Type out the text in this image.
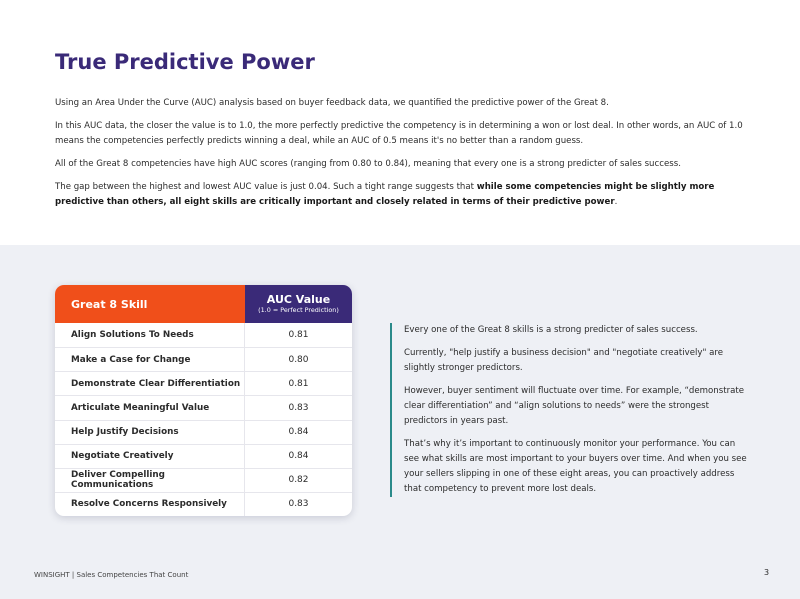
True Predictive Power

Using an Area Under the Curve (AUC) analysis based on buyer feedback data, we quantified the predictive power of the Great 8.

In this AUC data, the closer the value is to 1.0, the more perfectly predictive the competency is in determining a won or lost deal. In other words, an AUC of 1.0 means the competencies perfectly predicts winning a deal, while an AUC of 0.5 means it's no better than a random guess.

All of the Great 8 competencies have high AUC scores (ranging from 0.80 to 0.84), meaning that every one is a strong predicter of sales success.

The gap between the highest and lowest AUC value is just 0.04. Such a tight range suggests that while some competencies might be slightly more predictive than others, all eight skills are critically important and closely related in terms of their predictive power.

Great 8 Skill	AUC Value
(1.0 = Perfect Prediction)
Align Solutions To Needs	0.81
Make a Case for Change	0.80
Demonstrate Clear Differentiation	0.81
Articulate Meaningful Value	0.83
Help Justify Decisions	0.84
Negotiate Creatively	0.84
Deliver Compelling Communications	0.82
Resolve Concerns Responsively	0.83

Every one of the Great 8 skills is a strong predicter of sales success.

Currently, "help justify a business decision" and "negotiate creatively" are slightly stronger predictors.

However, buyer sentiment will fluctuate over time. For example, “demonstrate clear differentiation” and “align solutions to needs” were the strongest predictors in years past.

That’s why it’s important to continuously monitor your performance. You can see what skills are most important to your buyers over time. And when you see your sellers slipping in one of these eight areas, you can proactively address that competency to prevent more lost deals.

WINSIGHT | Sales Competencies That Count	3
